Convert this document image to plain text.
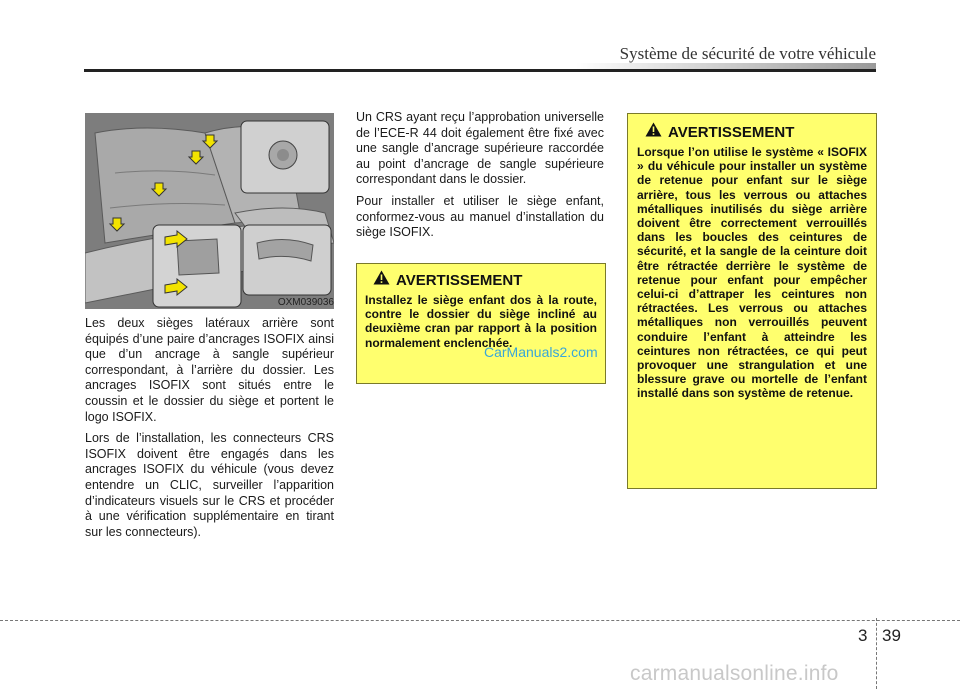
Système de sécurité de votre véhicule
OXM039036

Les deux sièges latéraux arrière sont équipés d’une paire d’ancrages ISOFIX ainsi que d’un ancrage à sangle supérieur correspondant, à l’arrière du dossier. Les ancrages ISOFIX sont situés entre le coussin et le dossier du siège et portent le logo ISOFIX.

Lors de l’installation, les connecteurs CRS ISOFIX doivent être engagés dans les ancrages ISOFIX du véhicule (vous devez entendre un CLIC, surveiller l’apparition d’indicateurs visuels sur le CRS et procéder à une vérification supplémentaire en tirant sur les connecteurs).

Un CRS ayant reçu l’approbation universelle de l’ECE-R 44 doit également être fixé avec une sangle d’ancrage supérieure raccordée au point d’ancrage de sangle supérieure correspondant dans le dossier.

Pour installer et utiliser le siège enfant, conformez-vous au manuel d’installation du siège ISOFIX.

AVERTISSEMENT
Installez le siège enfant dos à la route, contre le dossier du siège incliné au deuxième cran par rapport à la position normalement enclenchée.
AVERTISSEMENT
Lorsque l’on utilise le système « ISOFIX » du véhicule pour installer un système de retenue pour enfant sur le siège arrière, tous les verrous ou attaches métalliques inutilisés du siège arrière doivent être correctement verrouillés dans les boucles des ceintures de sécurité, et la sangle de la ceinture doit être rétractée derrière le système de retenue pour enfant pour empêcher celui-ci d’attraper les ceintures non rétractées. Les verrous ou attaches métalliques non verrouillés peuvent conduire l’enfant à atteindre les ceintures non rétractées, ce qui peut provoquer une strangulation et une blessure grave ou mortelle de l’enfant installé dans son système de retenue.
CarManuals2.com
3 39
carmanualsonline.info
